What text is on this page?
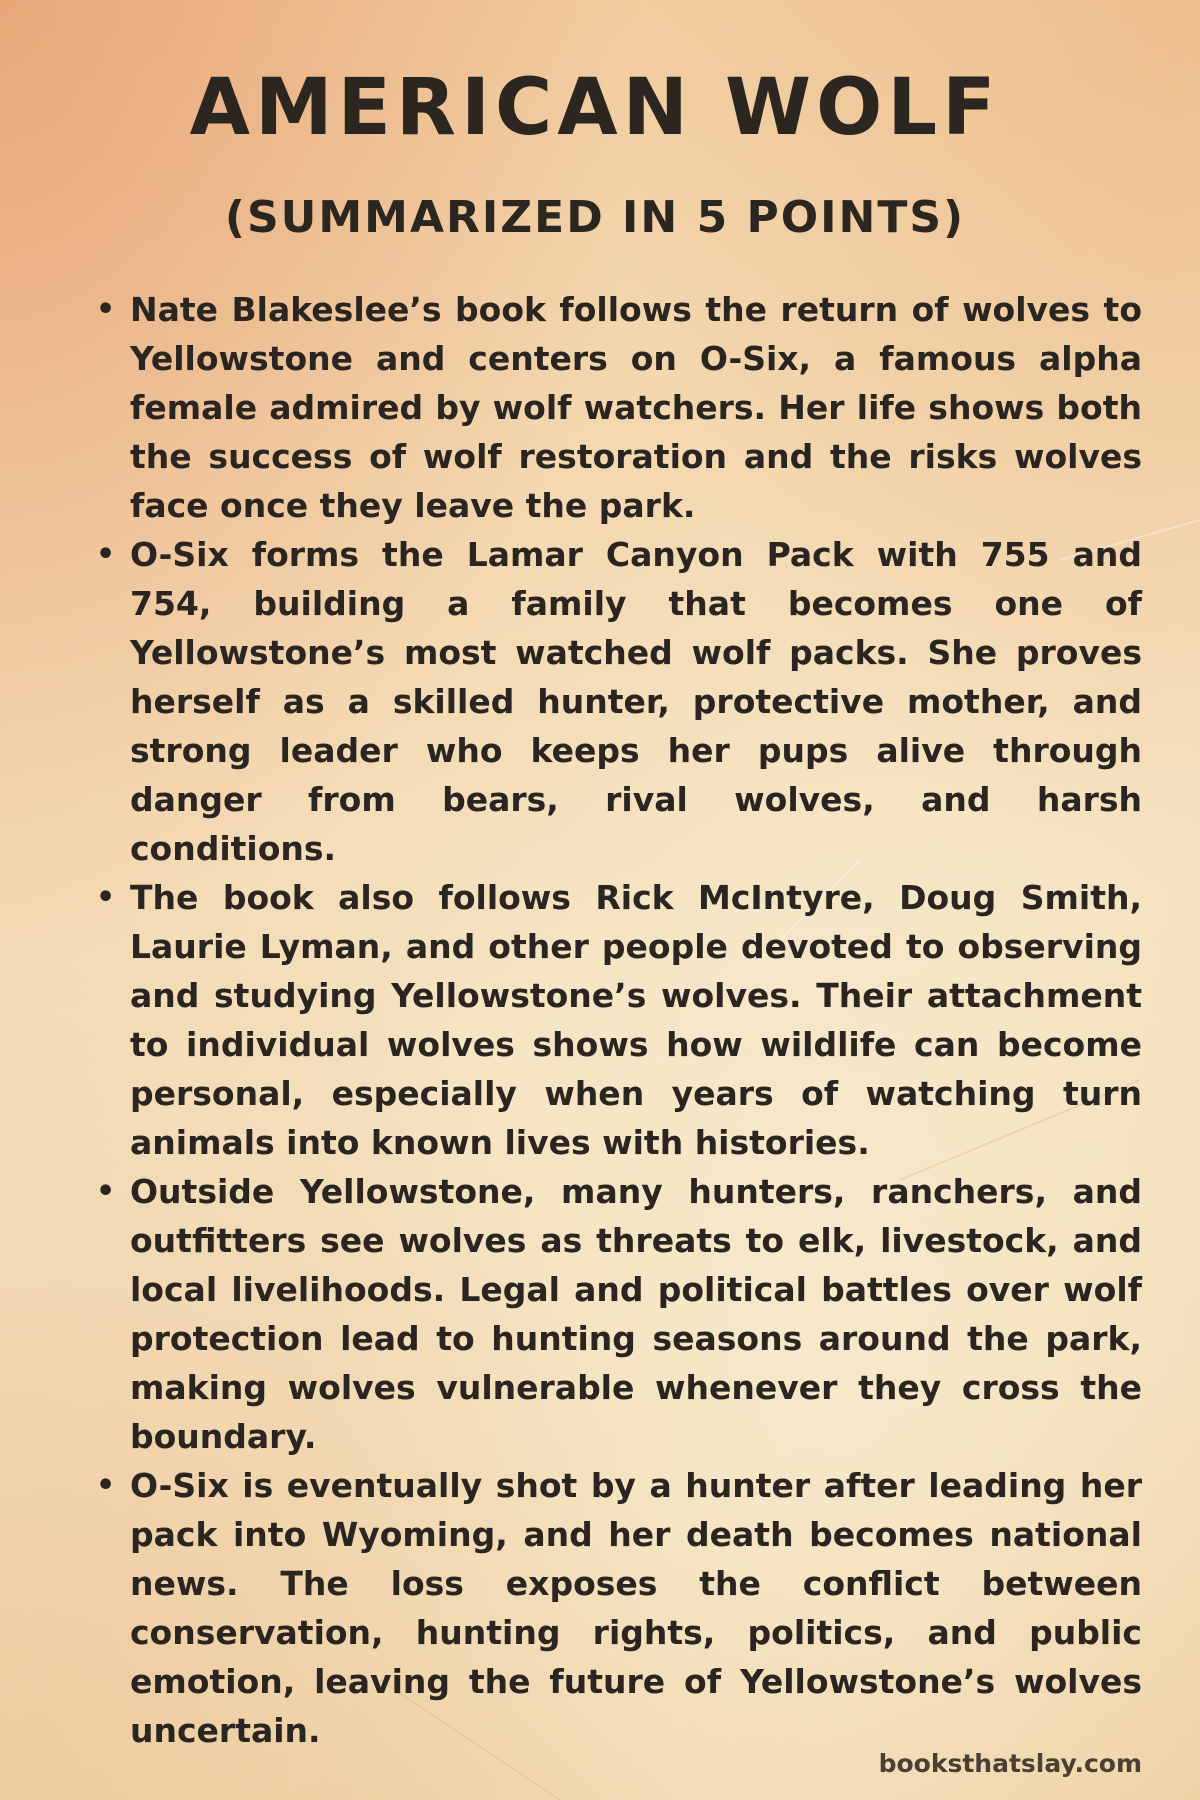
AMERICAN WOLF
(SUMMARIZED IN 5 POINTS)
• Nate Blakeslee’s book follows the return of wolves to Yellowstone and centers on O-Six, a famous alpha female admired by wolf watchers. Her life shows both the success of wolf restoration and the risks wolves face once they leave the park.
• O-Six forms the Lamar Canyon Pack with 755 and 754, building a family that becomes one of Yellowstone’s most watched wolf packs. She proves herself as a skilled hunter, protective mother, and strong leader who keeps her pups alive through danger from bears, rival wolves, and harsh conditions.
• The book also follows Rick McIntyre, Doug Smith, Laurie Lyman, and other people devoted to observing and studying Yellowstone’s wolves. Their attachment to individual wolves shows how wildlife can become personal, especially when years of watching turn animals into known lives with histories.
• Outside Yellowstone, many hunters, ranchers, and outfitters see wolves as threats to elk, livestock, and local livelihoods. Legal and political battles over wolf protection lead to hunting seasons around the park, making wolves vulnerable whenever they cross the boundary.
• O-Six is eventually shot by a hunter after leading her pack into Wyoming, and her death becomes national news. The loss exposes the conflict between conservation, hunting rights, politics, and public emotion, leaving the future of Yellowstone’s wolves uncertain.
booksthatslay.com
